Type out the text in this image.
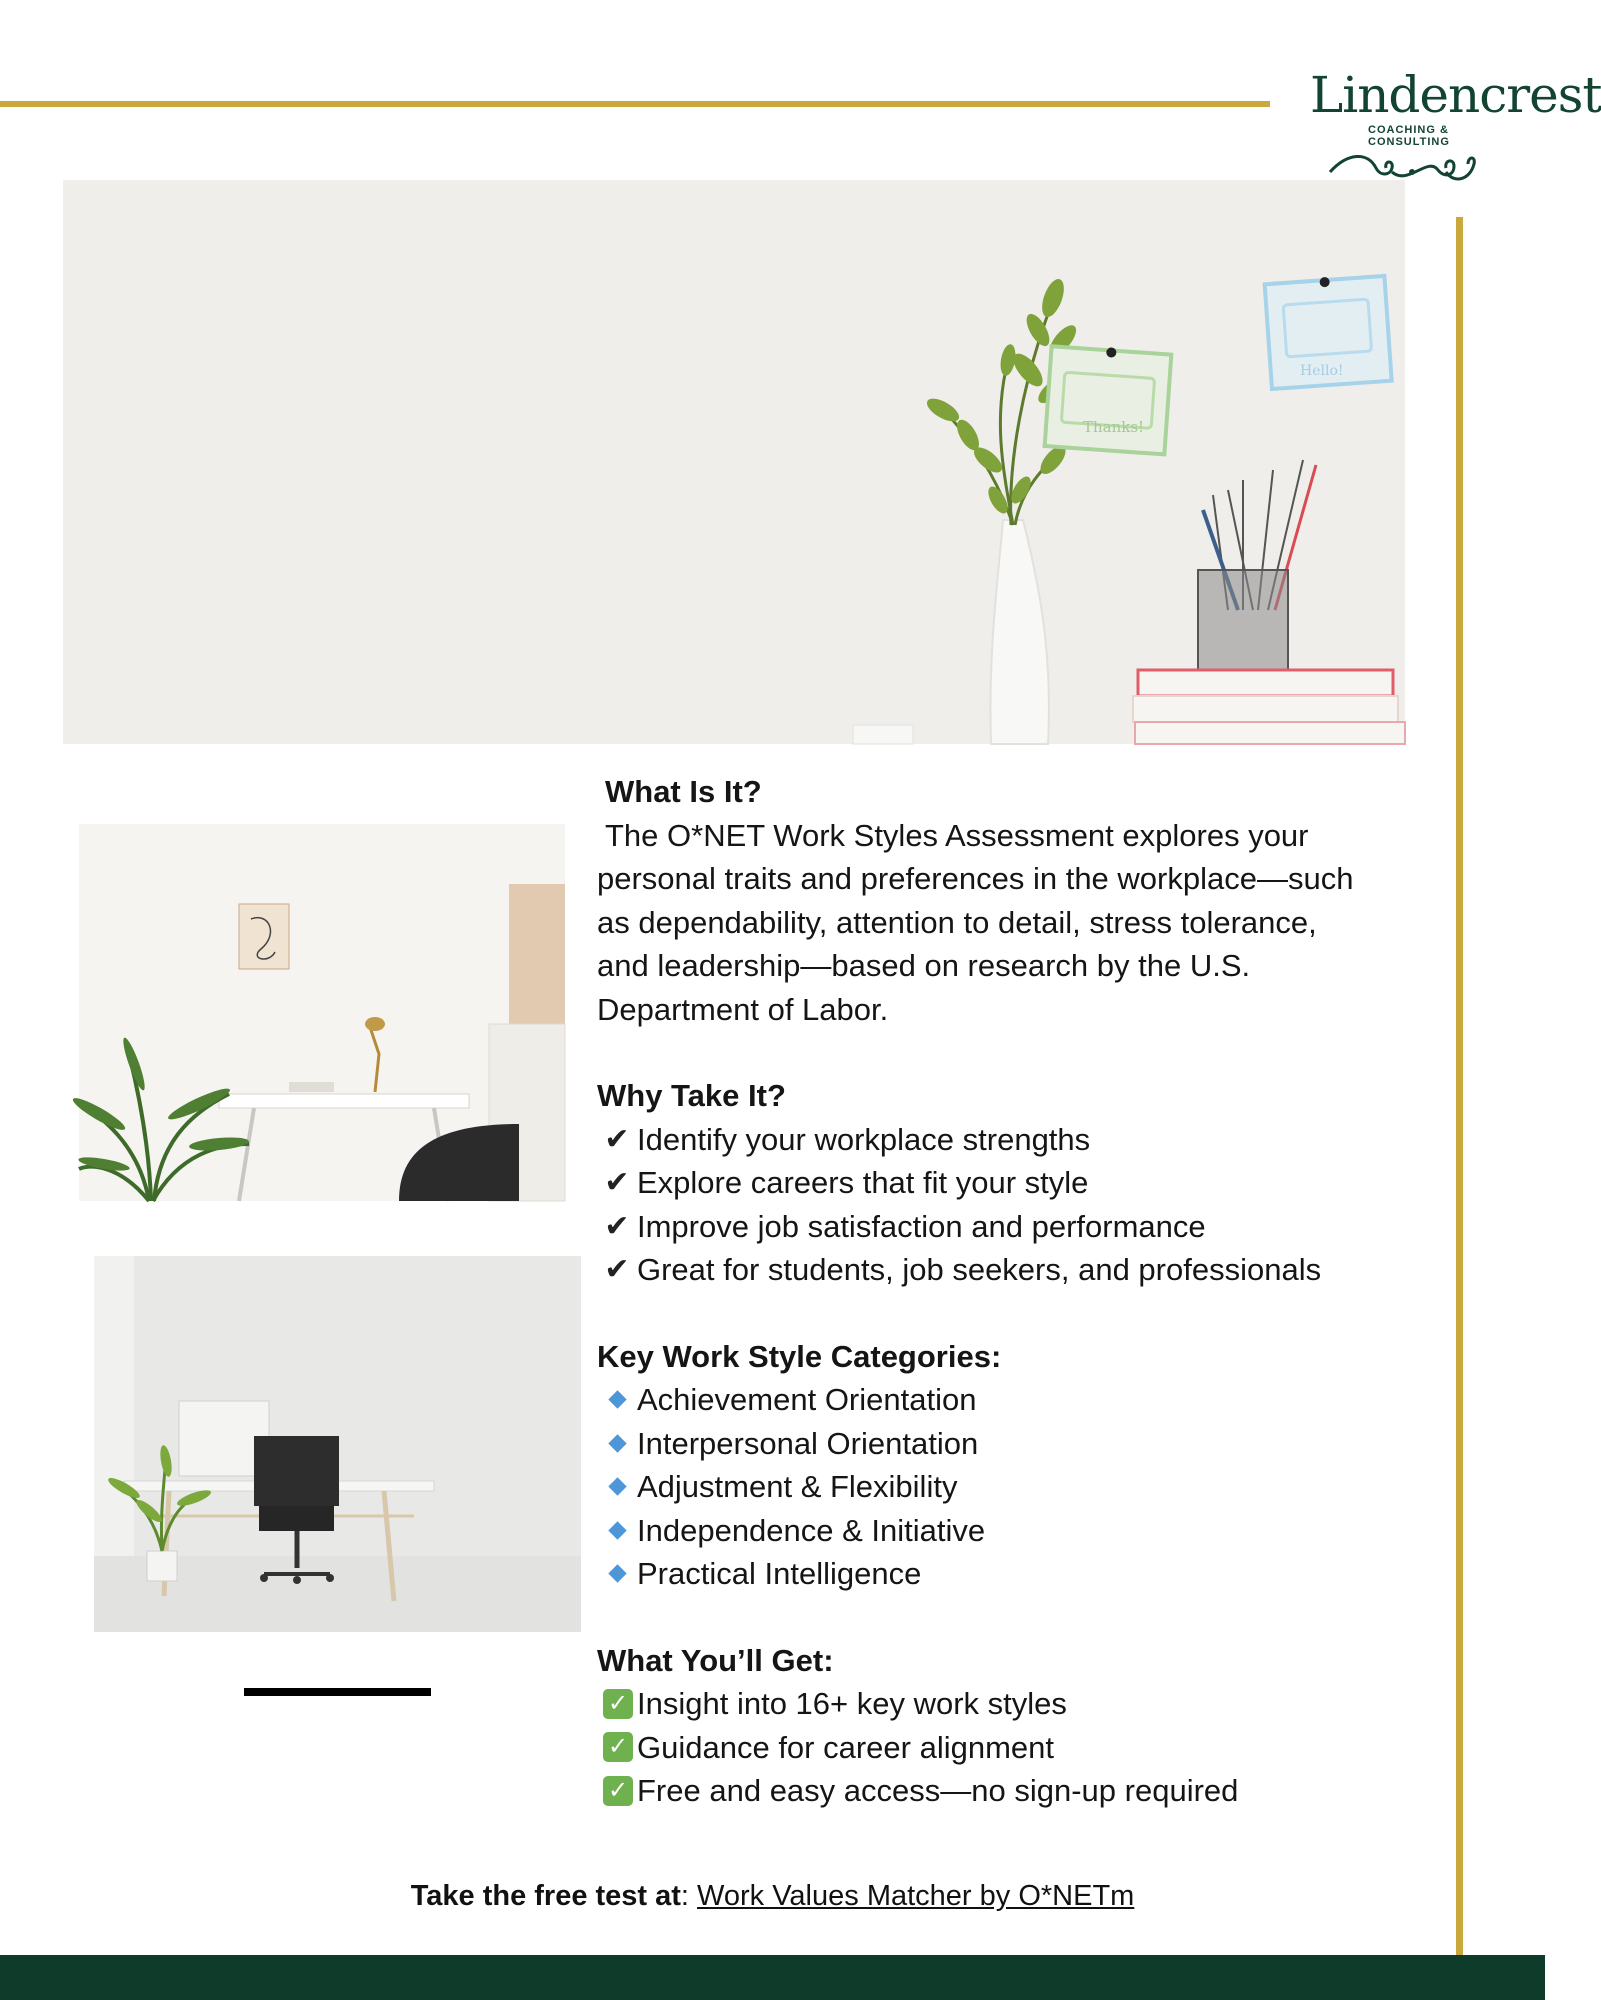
Lindencrest
COACHING & CONSULTING
Thanks!
Hello!
What Is It?
The O*NET Work Styles Assessment explores your
personal traits and preferences in the workplace—such
as dependability, attention to detail, stress tolerance,
and leadership—based on research by the U.S.
Department of Labor.
Why Take It?
✔ Identify your workplace strengths
✔ Explore careers that fit your style
✔ Improve job satisfaction and performance
✔ Great for students, job seekers, and professionals
Key Work Style Categories:
Achievement Orientation
Interpersonal Orientation
Adjustment & Flexibility
Independence & Initiative
Practical Intelligence
What You’ll Get:
✓ Insight into 16+ key work styles
✓ Guidance for career alignment
✓ Free and easy access—no sign-up required
Take the free test at: Work Values Matcher by O*NETm
